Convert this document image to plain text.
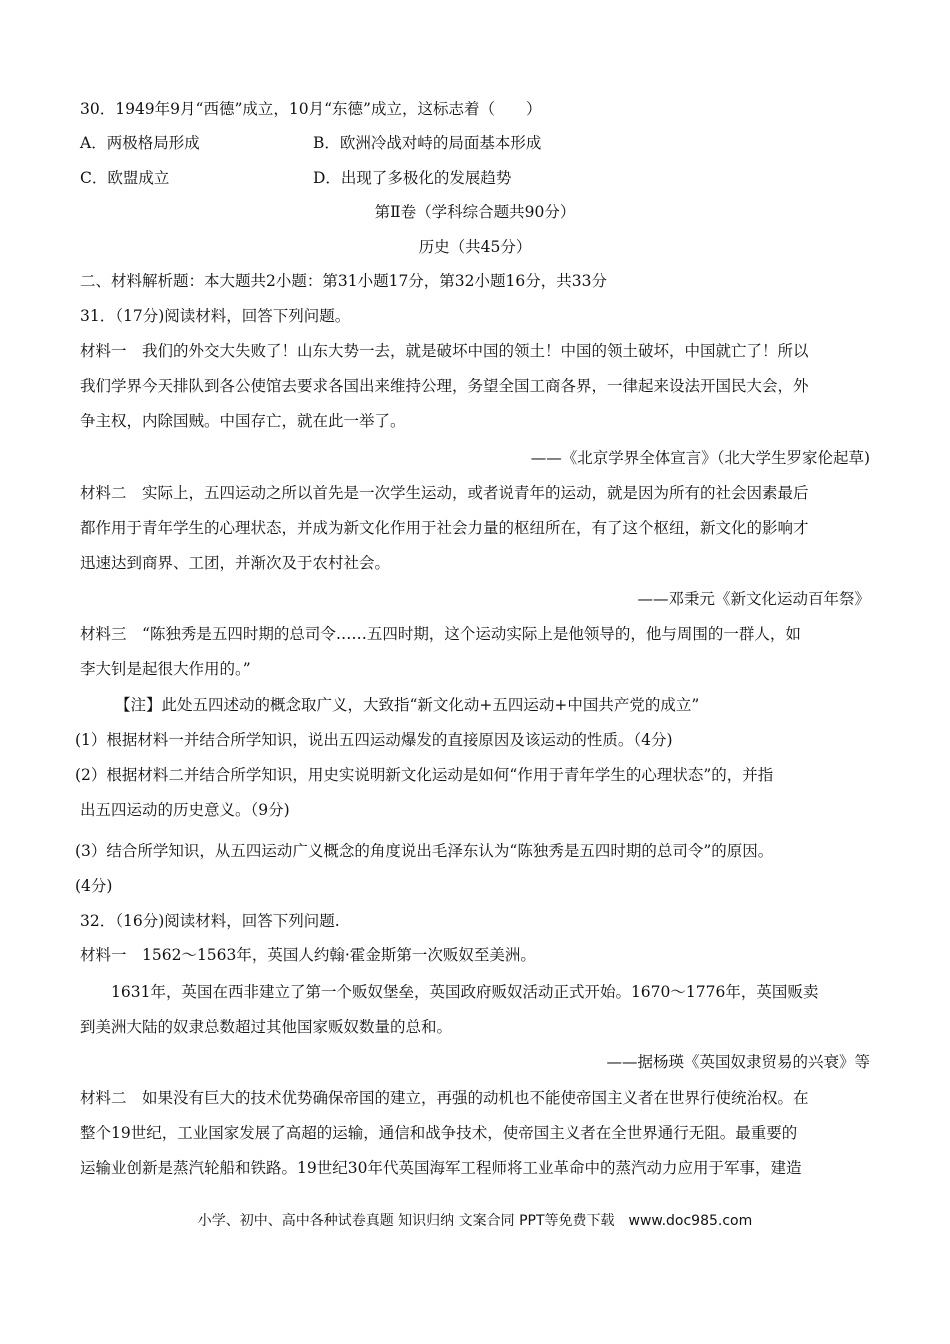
30．1949年9月“西德”成立，10月“东德”成立，这标志着（　　）
A．两极格局形成	B．欧洲冷战对峙的局面基本形成
C．欧盟成立	D．出现了多极化的发展趋势
第Ⅱ卷（学科综合题共90分）
历史（共45分）
二、材料解析题：本大题共2小题：第31小题17分，第32小题16分，共33分
31．（17分)阅读材料，回答下列问题。
材料一　我们的外交大失败了！山东大势一去，就是破坏中国的领土！中国的领土破坏，中国就亡了！所以
我们学界今天排队到各公使馆去要求各国出来维持公理，务望全国工商各界，一律起来设法开国民大会，外
争主权，内除国贼。中国存亡，就在此一举了。
——《北京学界全体宣言》（北大学生罗家伦起草)
材料二　实际上，五四运动之所以首先是一次学生运动，或者说青年的运动，就是因为所有的社会因素最后
都作用于青年学生的心理状态，并成为新文化作用于社会力量的枢纽所在，有了这个枢纽，新文化的影响才
迅速达到商界、工团，并渐次及于农村社会。
——邓秉元《新文化运动百年祭》
材料三　“陈独秀是五四时期的总司令……五四时期，这个运动实际上是他领导的，他与周围的一群人，如
李大钊是起很大作用的。”
【注】此处五四述动的概念取广义，大致指“新文化动+五四运动+中国共产党的成立”
(1）根据材料一并结合所学知识，说出五四运动爆发的直接原因及该运动的性质。（4分)
(2）根据材料二并结合所学知识，用史实说明新文化运动是如何“作用于青年学生的心理状态”的，并指
出五四运动的历史意义。（9分)
(3）结合所学知识，从五四运动广义概念的角度说出毛泽东认为“陈独秀是五四时期的总司令”的原因。
(4分)
32．（16分)阅读材料，回答下列问题.
材料一　1562～1563年，英国人约翰·霍金斯第一次贩奴至美洲。
　　1631年，英国在西非建立了第一个贩奴堡垒，英国政府贩奴活动正式开始。1670～1776年，英国贩卖
到美洲大陆的奴隶总数超过其他国家贩奴数量的总和。
——据杨瑛《英国奴隶贸易的兴衰》等
材料二　如果没有巨大的技术优势确保帝国的建立，再强的动机也不能使帝国主义者在世界行使统治权。在
整个19世纪，工业国家发展了高超的运输，通信和战争技术，使帝国主义者在全世界通行无阻。最重要的
运输业创新是蒸汽轮船和铁路。19世纪30年代英国海军工程师将工业革命中的蒸汽动力应用于军事，建造
小学、初中、高中各种试卷真题 知识归纳 文案合同 PPT等免费下载　www.doc985.com
